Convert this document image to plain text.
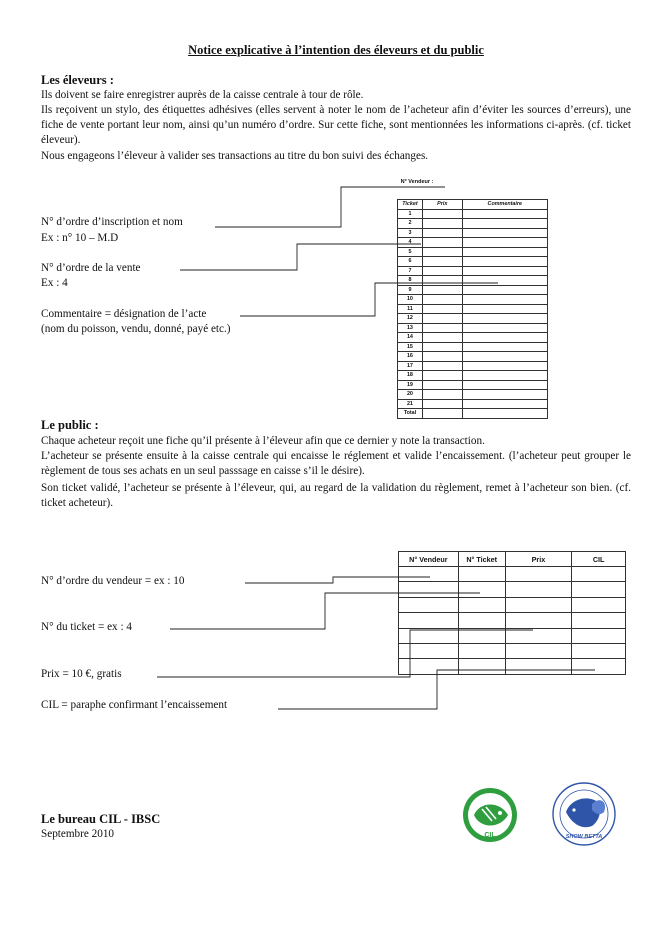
Notice explicative à l’intention des éleveurs et du public
Les éleveurs :
Ils doivent se faire enregistrer auprès de la caisse centrale à tour de rôle.
Ils reçoivent un stylo, des étiquettes adhésives (elles servent à noter le nom de l’acheteur afin d’éviter les sources d’erreurs), une fiche de vente portant leur nom, ainsi qu’un numéro d’ordre. Sur cette fiche, sont mentionnées les informations ci-après. (cf. ticket éleveur).
Nous engageons l’éleveur à valider ses transactions au titre du bon suivi des échanges.
N° Vendeur :
Ticket	Prix	Commentaire
1		
2		
3		
4		
5		
6		
7		
8		
9		
10		
11		
12		
13		
14		
15		
16		
17		
18		
19		
20		
21		
Total		
N° d’ordre d’inscription et nom
Ex : n° 10 – M.D
N° d’ordre de la vente
Ex : 4
Commentaire = désignation de l’acte
(nom du poisson, vendu, donné, payé etc.)
Le public :
Chaque acheteur reçoit une fiche qu’il présente à l’éleveur afin que ce dernier y note la transaction.
L’acheteur se présente ensuite à la caisse centrale qui encaisse le réglement et valide l’encaissement. (l’acheteur peut grouper le règlement de tous ses achats en un seul passsage en caisse s’il le désire).
Son ticket validé, l’acheteur se présente à l’éleveur, qui, au regard de la validation du règlement, remet à l’acheteur son bien. (cf. ticket acheteur).
N° Vendeur	N° Ticket	Prix	CIL

N° d’ordre du vendeur = ex : 10
N° du ticket = ex : 4
Prix = 10 €, gratis
CIL = paraphe confirmant l’encaissement
Le bureau CIL - IBSC
Septembre 2010	CIL	SHOW BETTA
